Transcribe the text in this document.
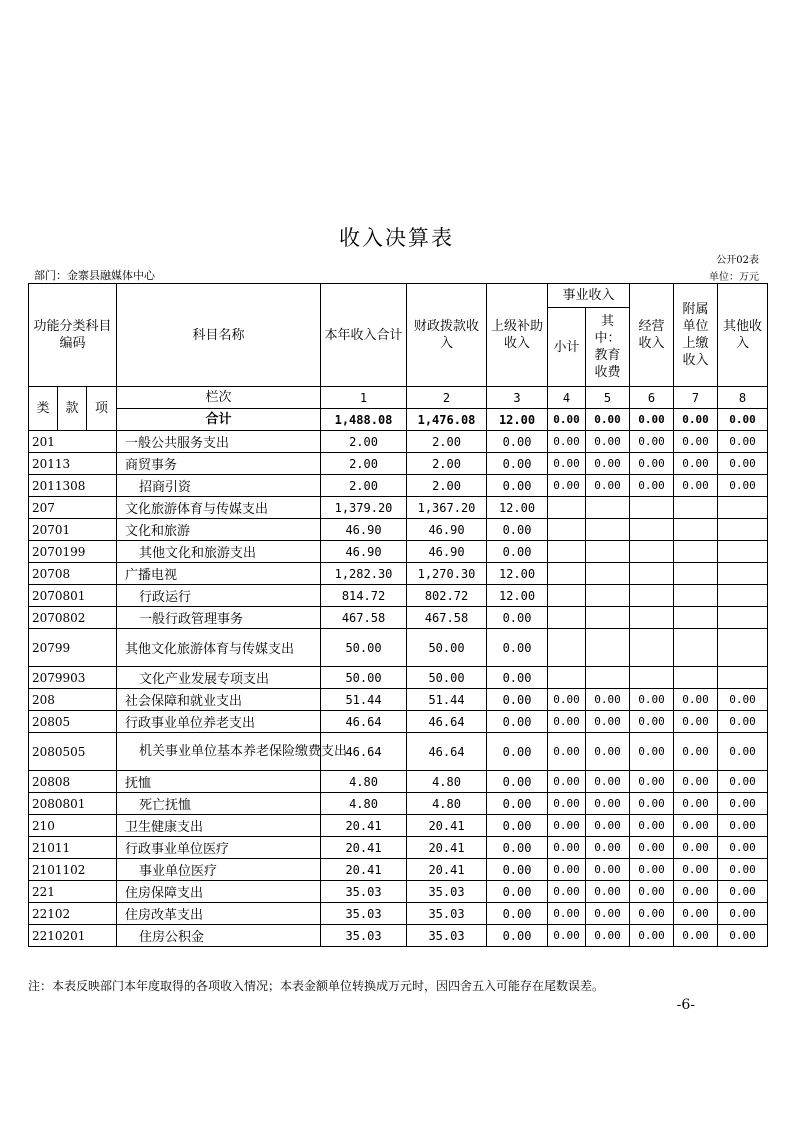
收入决算表
公开02表
部门：金寨县融媒体中心	单位：万元
功能分类科目编码			科目名称	本年收入合计	财政拨款收入	上级补助收入	事业收入		经营收入	附属单位上缴收入	其他收入
							小计	其中：教育收费			

类	款	项	栏次	1	2	3	4	5	6	7	8
			合计	1,488.08	1,476.08	12.00	0.00	0.00	0.00	0.00	0.00
201			一般公共服务支出	2.00	2.00	0.00	0.00	0.00	0.00	0.00	0.00
20113			商贸事务	2.00	2.00	0.00	0.00	0.00	0.00	0.00	0.00
2011308			招商引资	2.00	2.00	0.00	0.00	0.00	0.00	0.00	0.00
207			文化旅游体育与传媒支出	1,379.20	1,367.20	12.00					
20701			文化和旅游	46.90	46.90	0.00					
2070199			其他文化和旅游支出	46.90	46.90	0.00					
20708			广播电视	1,282.30	1,270.30	12.00					
2070801			行政运行	814.72	802.72	12.00					
2070802			一般行政管理事务	467.58	467.58	0.00					
20799			其他文化旅游体育与传媒支出	50.00	50.00	0.00					
2079903			文化产业发展专项支出	50.00	50.00	0.00					
208			社会保障和就业支出	51.44	51.44	0.00	0.00	0.00	0.00	0.00	0.00
20805			行政事业单位养老支出	46.64	46.64	0.00	0.00	0.00	0.00	0.00	0.00
2080505			机关事业单位基本养老保险缴费支出	46.64	46.64	0.00	0.00	0.00	0.00	0.00	0.00
20808			抚恤	4.80	4.80	0.00	0.00	0.00	0.00	0.00	0.00
2080801			死亡抚恤	4.80	4.80	0.00	0.00	0.00	0.00	0.00	0.00
210			卫生健康支出	20.41	20.41	0.00	0.00	0.00	0.00	0.00	0.00
21011			行政事业单位医疗	20.41	20.41	0.00	0.00	0.00	0.00	0.00	0.00
2101102			事业单位医疗	20.41	20.41	0.00	0.00	0.00	0.00	0.00	0.00
221			住房保障支出	35.03	35.03	0.00	0.00	0.00	0.00	0.00	0.00
22102			住房改革支出	35.03	35.03	0.00	0.00	0.00	0.00	0.00	0.00
2210201			住房公积金	35.03	35.03	0.00	0.00	0.00	0.00	0.00	0.00
注：本表反映部门本年度取得的各项收入情况；本表金额单位转换成万元时，因四舍五入可能存在尾数误差。
-6-
